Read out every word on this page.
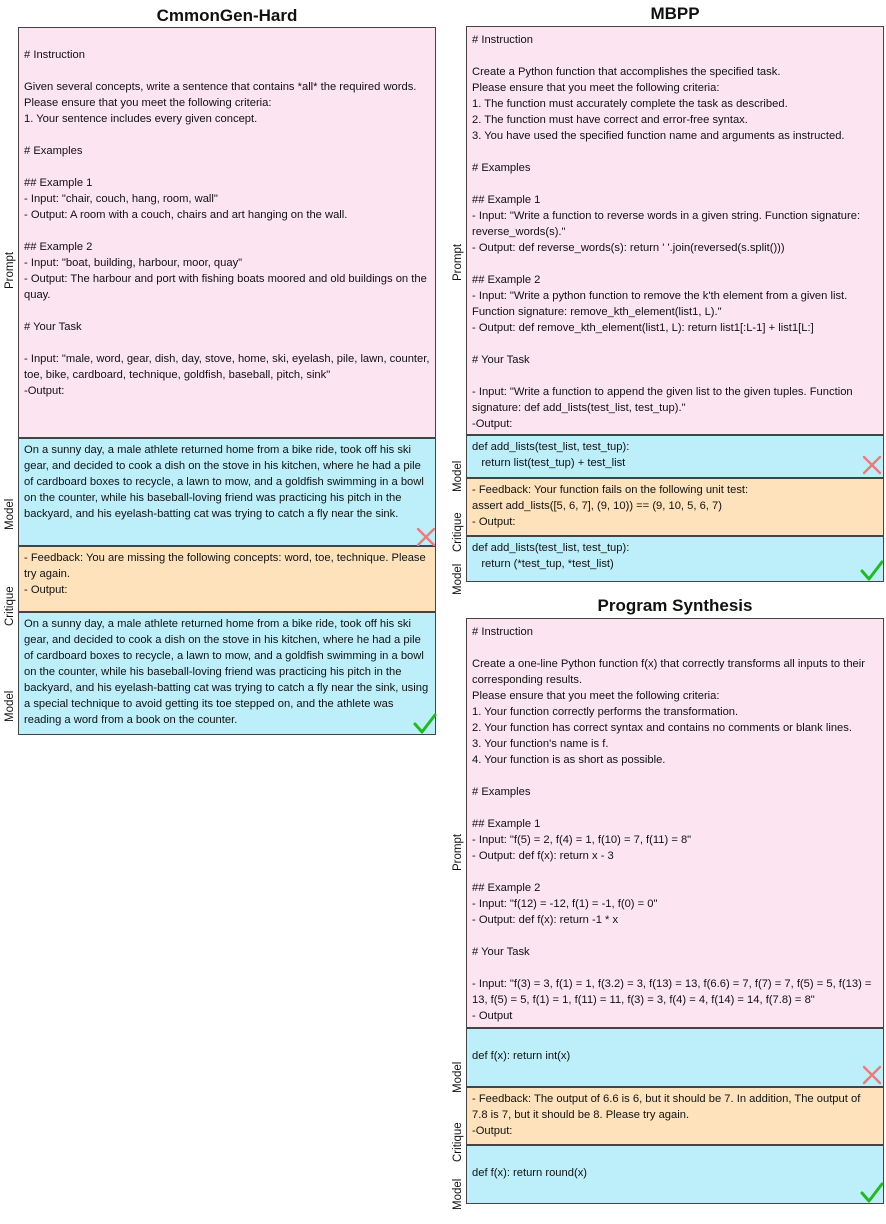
CmmonGen-Hard
# Instruction

Given several concepts, write a sentence that contains *all* the required words.
Please ensure that you meet the following criteria:
1. Your sentence includes every given concept.

# Examples

## Example 1
- Input: "chair, couch, hang, room, wall"
- Output: A room with a couch, chairs and art hanging on the wall.

## Example 2
- Input: "boat, building, harbour, moor, quay"
- Output: The harbour and port with fishing boats moored and old buildings on the quay.

# Your Task

- Input: "male, word, gear, dish, day, stove, home, ski, eyelash, pile, lawn, counter, toe, bike, cardboard, technique, goldfish, baseball, pitch, sink"
-Output:
Prompt
On a sunny day, a male athlete returned home from a bike ride, took off his ski gear, and decided to cook a dish on the stove in his kitchen, where he had a pile of cardboard boxes to recycle, a lawn to mow, and a goldfish swimming in a bowl on the counter, while his baseball-loving friend was practicing his pitch in the backyard, and his eyelash-batting cat was trying to catch a fly near the sink.
Model
- Feedback: You are missing the following concepts: word, toe, technique. Please try again.
- Output:
Critique On a sunny day, a male athlete returned home from a bike ride, took off his ski gear, and decided to cook a dish on the stove in his kitchen, where he had a pile of cardboard boxes to recycle, a lawn to mow, and a goldfish swimming in a bowl on the counter, while his baseball-loving friend was practicing his pitch in the backyard, and his eyelash-batting cat was trying to catch a fly near the sink, using a special technique to avoid getting its toe stepped on, and the athlete was reading a word from a book on the counter.
Model
MBPP
# Instruction

Create a Python function that accomplishes the specified task.
Please ensure that you meet the following criteria:
1. The function must accurately complete the task as described.
2. The function must have correct and error-free syntax.
3. You have used the specified function name and arguments as instructed.

# Examples

## Example 1
- Input: "Write a function to reverse words in a given string. Function signature: reverse_words(s)."
- Output: def reverse_words(s): return ' '.join(reversed(s.split()))

## Example 2
- Input: "Write a python function to remove the k'th element from a given list. Function signature: remove_kth_element(list1, L)."
- Output: def remove_kth_element(list1, L): return list1[:L-1] + list1[L:]

# Your Task

- Input: "Write a function to append the given list to the given tuples. Function signature: def add_lists(test_list, test_tup)."
-Output:
Prompt
def add_lists(test_list, test_tup):
return list(test_tup) + test_list
Model - Feedback: Your function fails on the following unit test:
assert add_lists([5, 6, 7], (9, 10)) == (9, 10, 5, 6, 7)
- Output:
Critique def add_lists(test_list, test_tup):
return (*test_tup, *test_list)
Model
Program Synthesis
# Instruction

Create a one-line Python function f(x) that correctly transforms all inputs to their corresponding results.
Please ensure that you meet the following criteria:
1. Your function correctly performs the transformation.
2. Your function has correct syntax and contains no comments or blank lines.
3. Your function's name is f.
4. Your function is as short as possible.

# Examples

## Example 1
- Input: "f(5) = 2, f(4) = 1, f(10) = 7, f(11) = 8"
- Output: def f(x): return x - 3

## Example 2
- Input: "f(12) = -12, f(1) = -1, f(0) = 0"
- Output: def f(x): return -1 * x

# Your Task

- Input: "f(3) = 3, f(1) = 1, f(3.2) = 3, f(13) = 13, f(6.6) = 7, f(7) = 7, f(5) = 5, f(13) = 13, f(5) = 5, f(1) = 1, f(11) = 11, f(3) = 3, f(4) = 4, f(14) = 14, f(7.8) = 8"
- Output
Prompt

def f(x): return int(x)
Model
- Feedback: The output of 6.6 is 6, but it should be 7. In addition, The output of 7.8 is 7, but it should be 8. Please try again.
-Output:
Critique

def f(x): return round(x)
Model
